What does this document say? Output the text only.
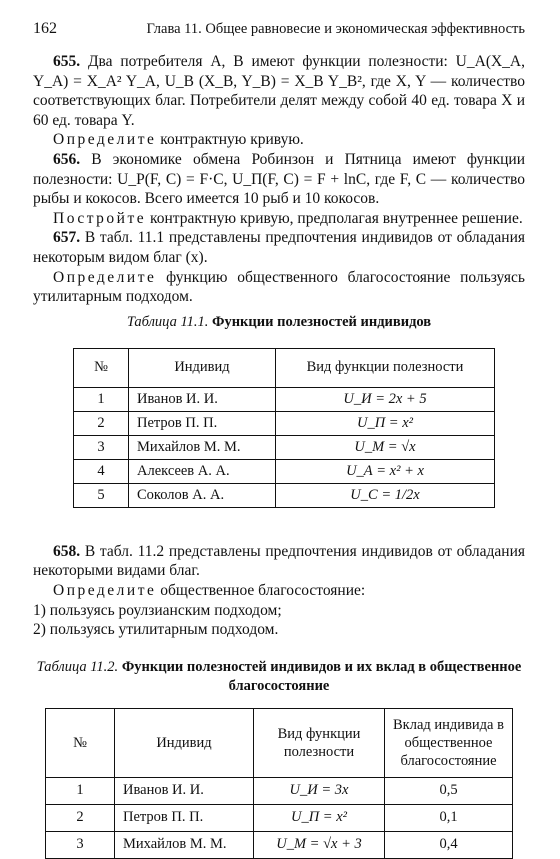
162	Глава 11. Общее равновесие и экономическая эффективность

655. Два потребителя A, B имеют функции полезности: U_A(X_A, Y_A) = X_A² Y_A, U_B (X_B, Y_B) = X_B Y_B², где X, Y — количество соответствующих благ. Потребители делят между собой 40 ед. товара X и 60 ед. товара Y.

Определите контрактную кривую.

656. В экономике обмена Робинзон и Пятница имеют функции полезности: U_P(F, C) = F·C, U_П(F, C) = F + lnC, где F, C — количество рыбы и кокосов. Всего имеется 10 рыб и 10 кокосов.

Постройте контрактную кривую, предполагая внутреннее решение.

657. В табл. 11.1 представлены предпочтения индивидов от обладания некоторым видом благ (x).

Определите функцию общественного благосостояние пользуясь утилитарным подходом.

Таблица 11.1. Функции полезностей индивидов
№	Индивид	Вид функции полезности
1	Иванов И. И.	U_И = 2x + 5
2	Петров П. П.	U_П = x²
3	Михайлов М. М.	U_М = √x
4	Алексеев А. А.	U_А = x² + x
5	Соколов А. А.	U_С = 1/2x

658. В табл. 11.2 представлены предпочтения индивидов от обладания некоторыми видами благ.

Определите общественное благосостояние:

1) пользуясь роулзианским подходом;

2) пользуясь утилитарным подходом.

Таблица 11.2. Функции полезностей индивидов и их вклад в общественное благосостояние
№	Индивид	Вид функции полезности	Вклад индивида в общественное благосостояние
1	Иванов И. И.	U_И = 3x	0,5
2	Петров П. П.	U_П = x²	0,1
3	Михайлов М. М.	U_М = √x + 3	0,4
